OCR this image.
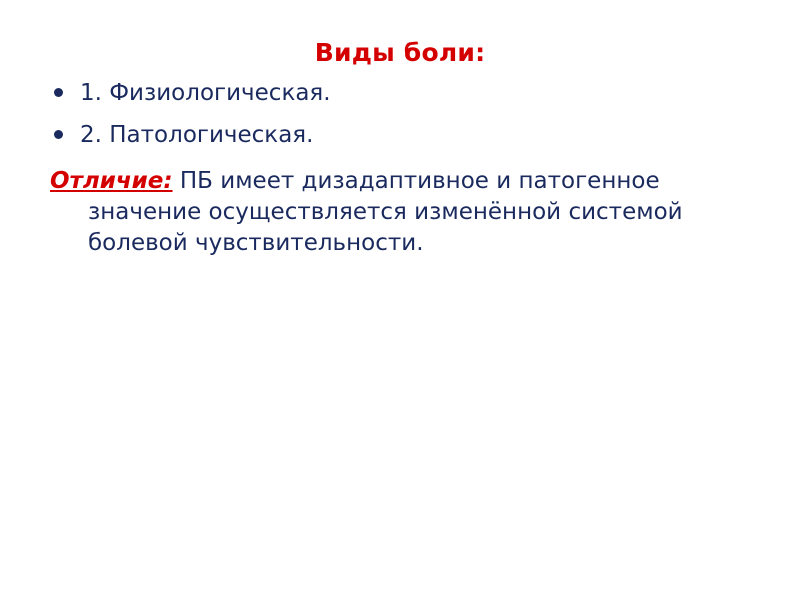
Виды боли:
1. Физиологическая.
2. Патологическая.
Отличие: ПБ имеет дизадаптивное и патогенное
значение осуществляется изменённой системой
болевой чувствительности.
